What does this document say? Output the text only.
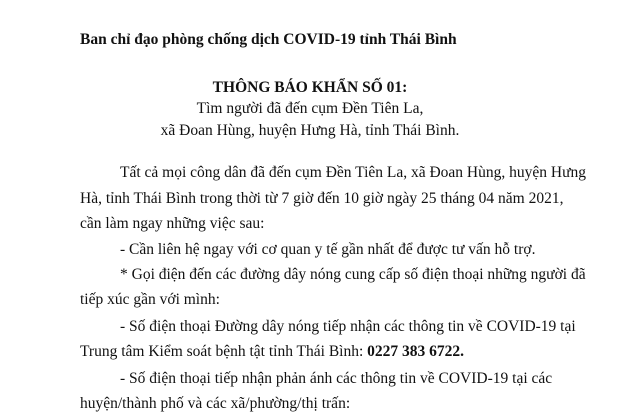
Ban chỉ đạo phòng chống dịch COVID-19 tỉnh Thái Bình
THÔNG BÁO KHẨN SỐ 01:
Tìm người đã đến cụm Đền Tiên La,
xã Đoan Hùng, huyện Hưng Hà, tỉnh Thái Bình.
Tất cả mọi công dân đã đến cụm Đền Tiên La, xã Đoan Hùng, huyện Hưng
Hà, tỉnh Thái Bình trong thời từ 7 giờ đến 10 giờ ngày 25 tháng 04 năm 2021,
cần làm ngay những việc sau:
- Cần liên hệ ngay với cơ quan y tế gần nhất để được tư vấn hỗ trợ.
* Gọi điện đến các đường dây nóng cung cấp số điện thoại những người đã
tiếp xúc gần với mình:
- Số điện thoại Đường dây nóng tiếp nhận các thông tin về COVID-19 tại
Trung tâm Kiểm soát bệnh tật tỉnh Thái Bình: 0227 383 6722.
- Số điện thoại tiếp nhận phản ánh các thông tin về COVID-19 tại các
huyện/thành phố và các xã/phường/thị trấn:
